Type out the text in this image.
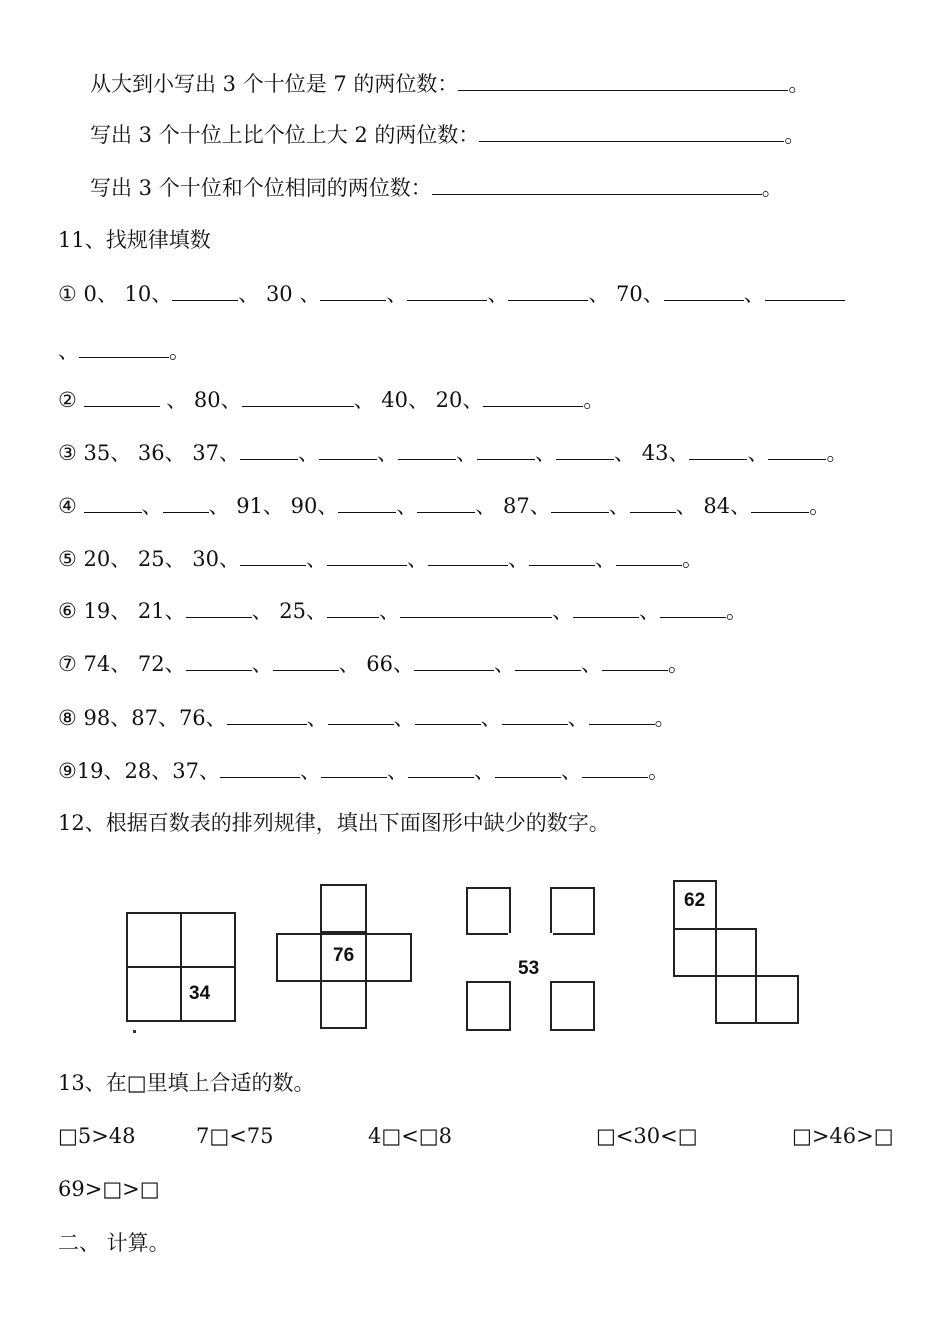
从大到小写出 3 个十位是 7 的两位数：	。
写出 3 个十位上比个位上大 2 的两位数：	。
写出 3 个十位和个位相同的两位数：	。
11、找规律填数
① 0、 10、	、 30 、	、	、	、 70、	、
、	。
②	、 80、	、 40、 20、	。
③ 35、 36、 37、	、	、	、	、	、 43、	、	。
④	、 、 91、 90、	、	、 87、	、 、 84、	。
⑤ 20、 25、 30、	、	、	、	、	。
⑥ 19、 21、	、 25、 、	、	、	。
⑦ 74、 72、	、	、 66、	、	、	。
⑧ 98、87、76、	、	、	、	、	。
⑨19、28、37、	、	、	、	、	。
12、根据百数表的排列规律，填出下面图形中缺少的数字。
34
76
53
62
13、在□里填上合适的数。
□5>48	7□<75	4□<□8	□<30<□	□>46>□
69>□>□
二、 计算。
